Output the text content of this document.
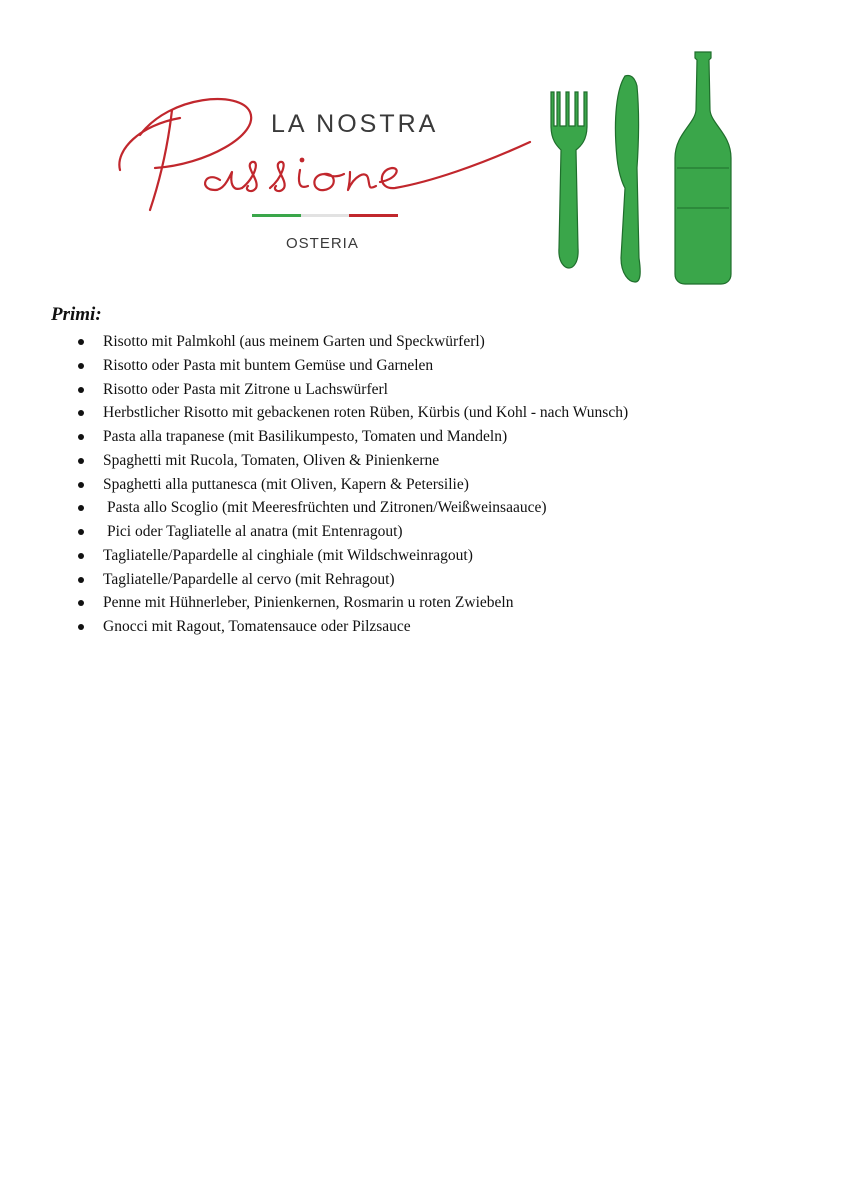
LA NOSTRA
OSTERIA
Primi:
Risotto mit Palmkohl (aus meinem Garten und Speckwürferl)
Risotto oder Pasta mit buntem Gemüse und Garnelen
Risotto oder Pasta mit Zitrone u Lachswürferl
Herbstlicher Risotto mit gebackenen roten Rüben, Kürbis (und Kohl - nach Wunsch)
Pasta alla trapanese (mit Basilikumpesto, Tomaten und Mandeln)
Spaghetti mit Rucola, Tomaten, Oliven & Pinienkerne
Spaghetti alla puttanesca (mit Oliven, Kapern & Petersilie)
Pasta allo Scoglio (mit Meeresfrüchten und Zitronen/Weißweinsaauce)
Pici oder Tagliatelle al anatra (mit Entenragout)
Tagliatelle/Papardelle al cinghiale (mit Wildschweinragout)
Tagliatelle/Papardelle al cervo (mit Rehragout)
Penne mit Hühnerleber, Pinienkernen, Rosmarin u roten Zwiebeln
Gnocci mit Ragout, Tomatensauce oder Pilzsauce
